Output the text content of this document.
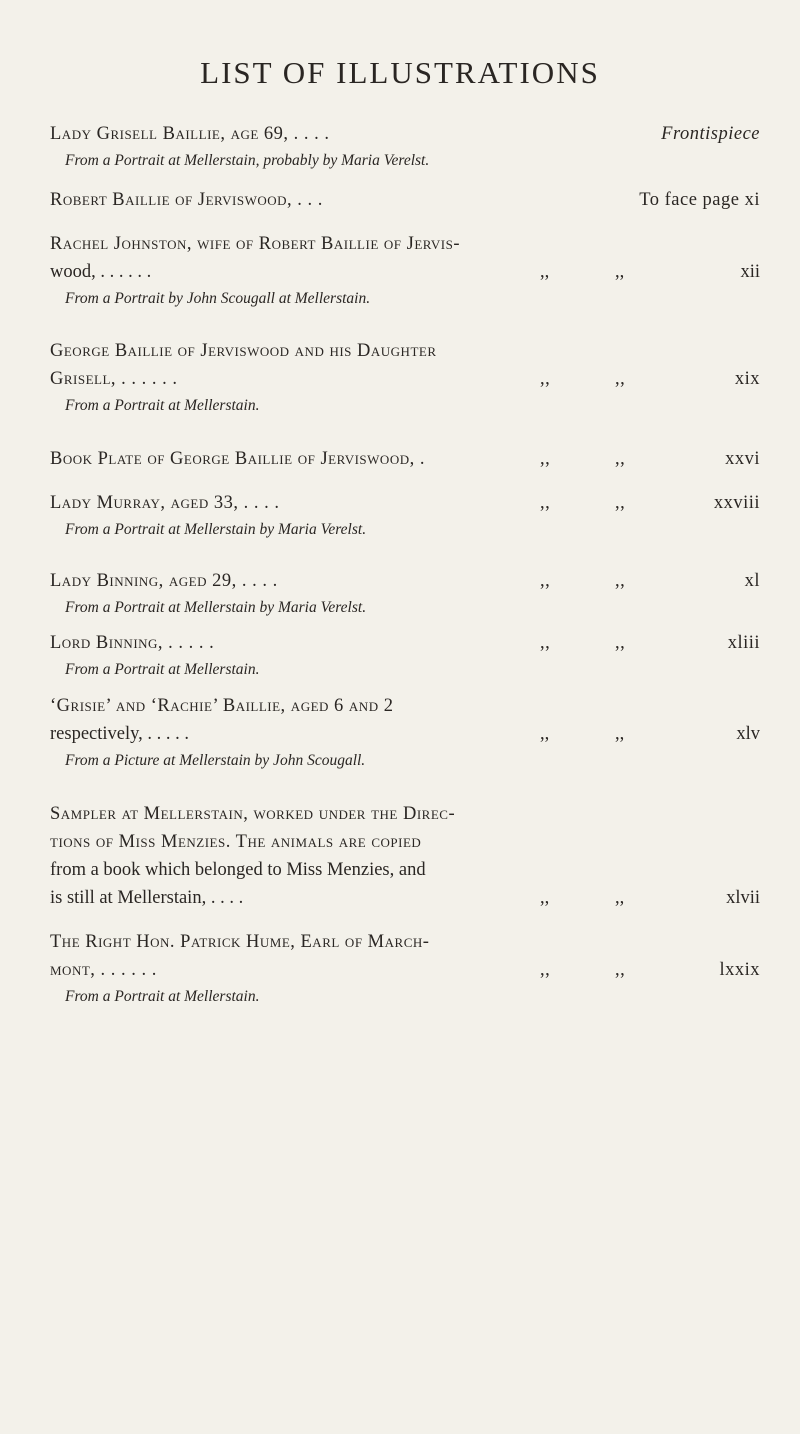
LIST OF ILLUSTRATIONS
Lady Grisell Baillie, age 69, . . . .	Frontispiece
From a Portrait at Mellerstain, probably by Maria Verelst.
Robert Baillie of Jerviswood, . . .	To face page xi
Rachel Johnston, wife of Robert Baillie of Jervis-
wood, . . . . . .	,,	,,	xii
From a Portrait by John Scougall at Mellerstain.
George Baillie of Jerviswood and his Daughter
Grisell, . . . . . .	,,	,,	xix
From a Portrait at Mellerstain.
Book Plate of George Baillie of Jerviswood, .	,,	,,	xxvi
Lady Murray, aged 33, . . . .	,,	,,	xxviii
From a Portrait at Mellerstain by Maria Verelst.
Lady Binning, aged 29, . . . .	,,	,,	xl
From a Portrait at Mellerstain by Maria Verelst.
Lord Binning, . . . . .	,,	,,	xliii
From a Portrait at Mellerstain.
‘Grisie’ and ‘Rachie’ Baillie, aged 6 and 2
respectively, . . . . .	,,	,,	xlv
From a Picture at Mellerstain by John Scougall.
Sampler at Mellerstain, worked under the Direc-
tions of Miss Menzies. The animals are copied
from a book which belonged to Miss Menzies, and
is still at Mellerstain, . . . .	,,	,,	xlvii
The Right Hon. Patrick Hume, Earl of March-
mont, . . . . . .	,,	,,	lxxix
From a Portrait at Mellerstain.
